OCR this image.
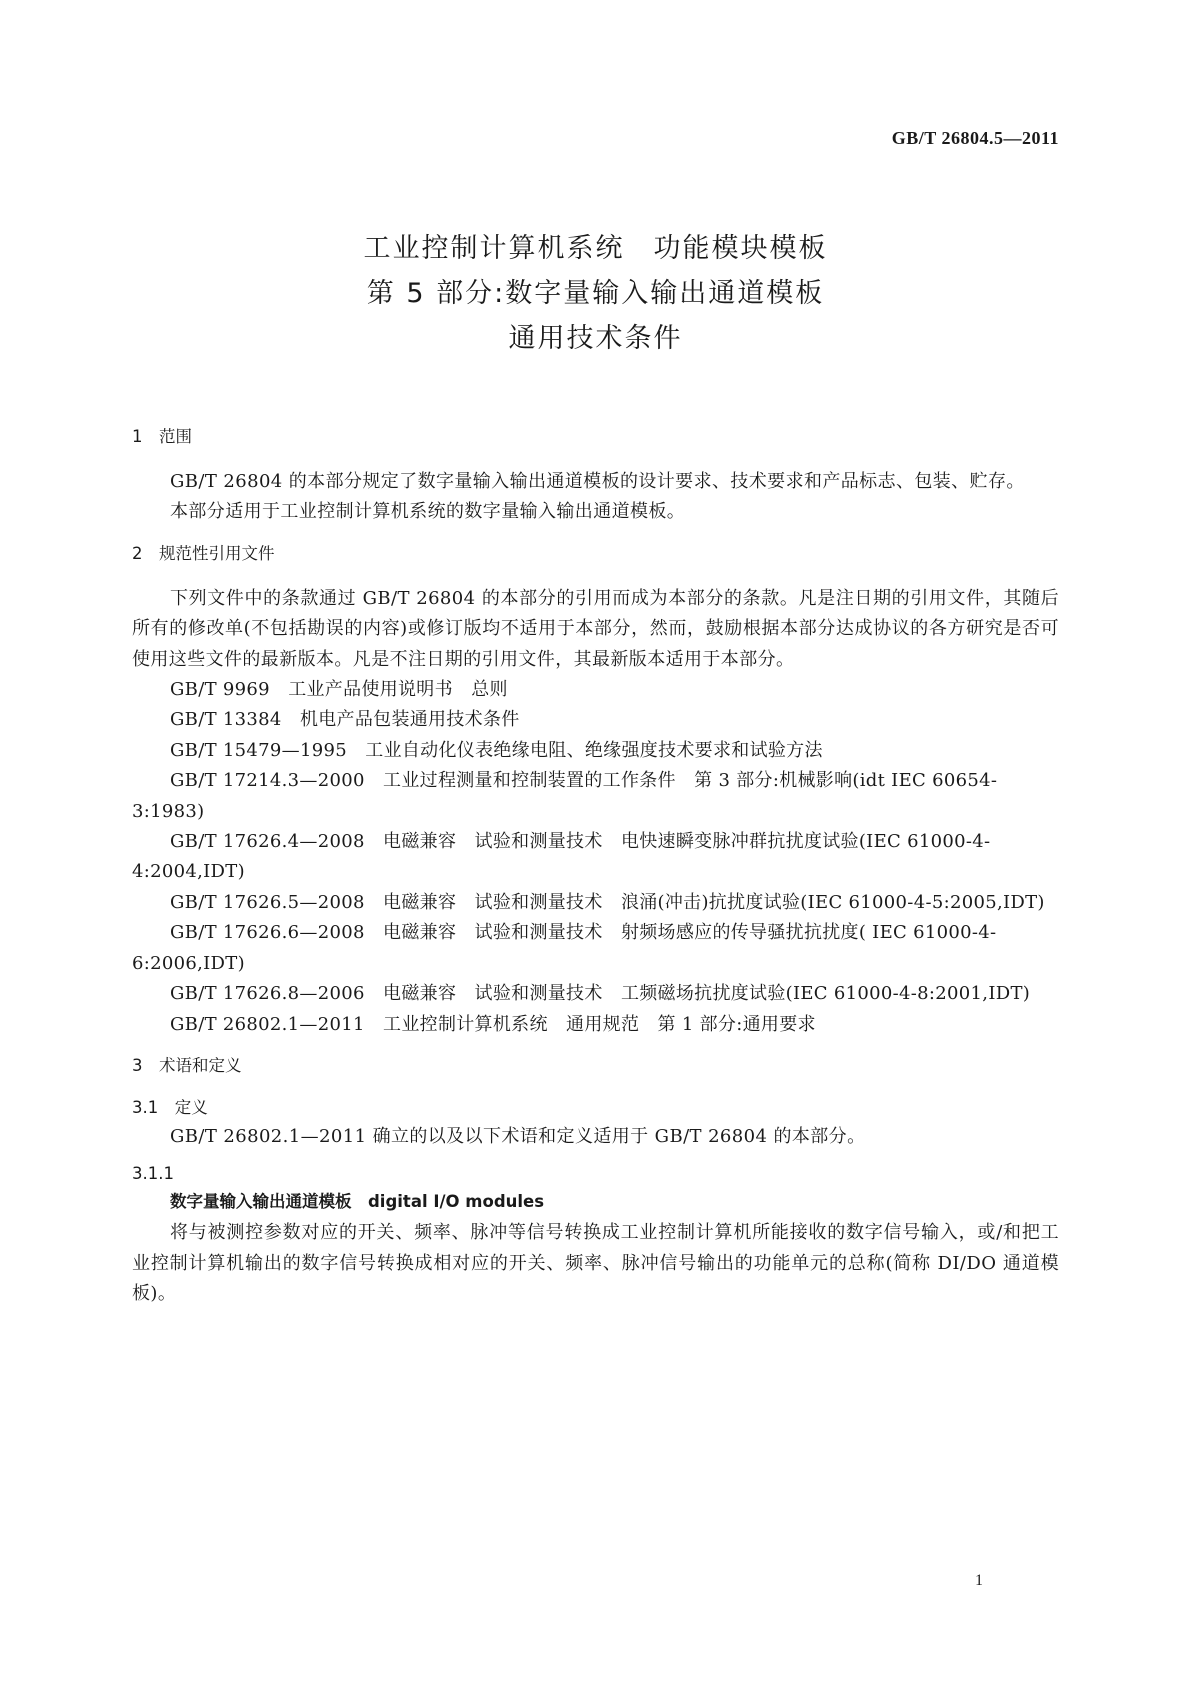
GB/T 26804.5—2011
工业控制计算机系统　功能模块模板
第 5 部分:数字量输入输出通道模板
通用技术条件
1　范围

GB/T 26804 的本部分规定了数字量输入输出通道模板的设计要求、技术要求和产品标志、包装、贮存。

本部分适用于工业控制计算机系统的数字量输入输出通道模板。

2　规范性引用文件

下列文件中的条款通过 GB/T 26804 的本部分的引用而成为本部分的条款。凡是注日期的引用文件，其随后所有的修改单(不包括勘误的内容)或修订版均不适用于本部分，然而，鼓励根据本部分达成协议的各方研究是否可使用这些文件的最新版本。凡是不注日期的引用文件，其最新版本适用于本部分。

GB/T 9969　工业产品使用说明书　总则

GB/T 13384　机电产品包装通用技术条件

GB/T 15479—1995　工业自动化仪表绝缘电阻、绝缘强度技术要求和试验方法

GB/T 17214.3—2000　工业过程测量和控制装置的工作条件　第 3 部分:机械影响(idt IEC 60654-3:1983)

GB/T 17626.4—2008　电磁兼容　试验和测量技术　电快速瞬变脉冲群抗扰度试验(IEC 61000-4-4:2004,IDT)

GB/T 17626.5—2008　电磁兼容　试验和测量技术　浪涌(冲击)抗扰度试验(IEC 61000-4-5:2005,IDT)

GB/T 17626.6—2008　电磁兼容　试验和测量技术　射频场感应的传导骚扰抗扰度( IEC 61000-4-6:2006,IDT)

GB/T 17626.8—2006　电磁兼容　试验和测量技术　工频磁场抗扰度试验(IEC 61000-4-8:2001,IDT)

GB/T 26802.1—2011　工业控制计算机系统　通用规范　第 1 部分:通用要求

3　术语和定义
3.1　定义

GB/T 26802.1—2011 确立的以及以下术语和定义适用于 GB/T 26804 的本部分。

3.1.1
数字量输入输出通道模板　digital I/O modules

将与被测控参数对应的开关、频率、脉冲等信号转换成工业控制计算机所能接收的数字信号输入，或/和把工业控制计算机输出的数字信号转换成相对应的开关、频率、脉冲信号输出的功能单元的总称(简称 DI/DO 通道模板)。

1
